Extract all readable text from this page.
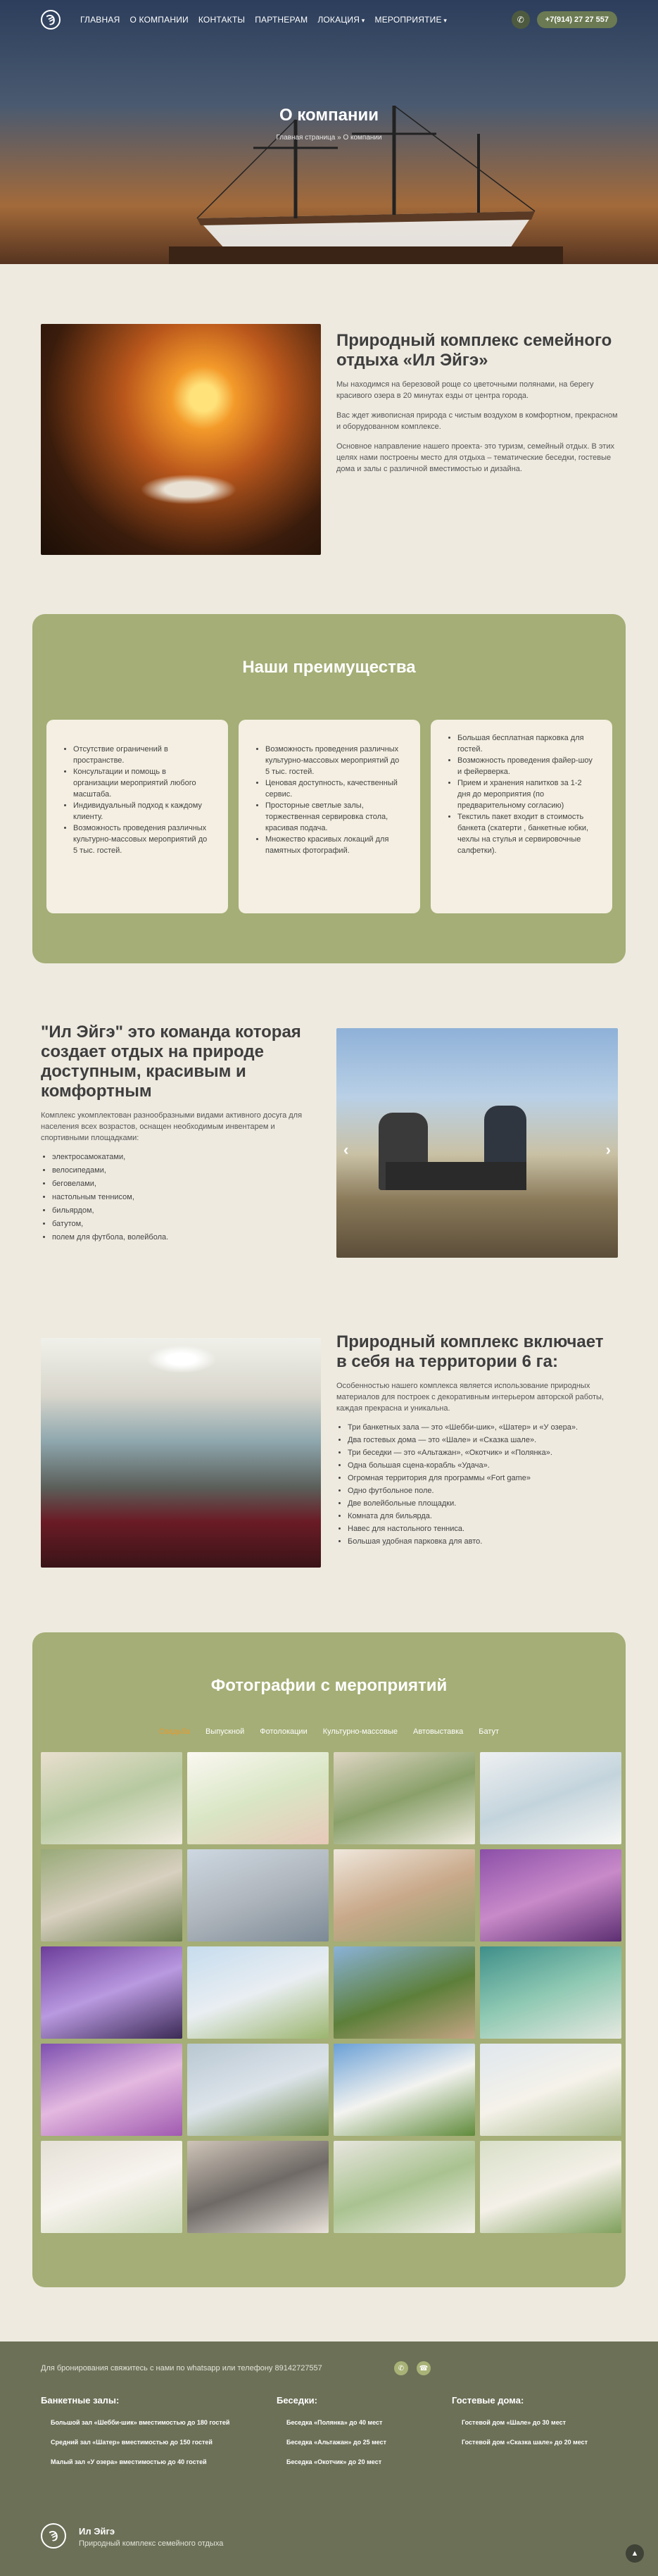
Ϡ	ГЛАВНАЯ О КОМПАНИИ КОНТАКТЫ ПАРТНЕРАМ ЛОКАЦИЯ ▾	МЕРОПРИЯТИЕ ▾	✆	+7(914) 27 27 557
О компании
Главная страница » О компании
Природный комплекс семейного отдыха «Ил Эйгэ»

Мы находимся на березовой роще со цветочными полянами, на берегу красивого озера в 20 минутах езды от центра города.

Вас ждет живописная природа с чистым воздухом в комфортном, прекрасном и оборудованном комплексе.

Основное направление нашего проекта- это туризм, семейный отдых. В этих целях нами построены место для отдыха – тематические беседки, гостевые дома и залы с различной вместимостью и дизайна.

Наши преимущества
• Отсутствие ограничений в пространстве.
• Консультации и помощь в организации мероприятий любого масштаба.
• Индивидуальный подход к каждому клиенту.
• Возможность проведения различных культурно-массовых мероприятий до 5 тыс. гостей.
• Возможность проведения различных культурно-массовых мероприятий до 5 тыс. гостей.
• Ценовая доступность, качественный сервис.
• Просторные светлые залы, торжественная сервировка стола, красивая подача.
• Множество красивых локаций для памятных фотографий.
• Большая бесплатная парковка для гостей.
• Возможность проведения файер-шоу и фейерверка.
• Прием и хранения напитков за 1-2 дня до мероприятия (по предварительному согласию)
• Текстиль пакет входит в стоимость банкета (скатерти , банкетные юбки, чехлы на стулья и сервировочные салфетки).
"Ил Эйгэ" это команда которая создает отдых на природе доступным, красивым и комфортным

Комплекс укомплектован разнообразными видами активного досуга для населения всех возрастов, оснащен необходимым инвентарем и спортивными площадками:

• электросамокатами,
• велосипедами,
• беговелами,
• настольным теннисом,
• бильярдом,
• батутом,
• полем для футбола, волейбола.
‹	›
Природный комплекс включает в себя на территории 6 га:

Особенностью нашего комплекса является использование природных материалов для построек с декоративным интерьером авторской работы, каждая прекрасна и уникальна.

• Три банкетных зала — это «Шебби-шик», «Шатер» и «У озера».
• Два гостевых дома — это «Шале» и «Сказка шале».
• Три беседки — это «Альтажан», «Окотчик» и «Полянка».
• Одна большая сцена-корабль «Удача».
• Огромная территория для программы «Fort game»
• Одно футбольное поле.
• Две волейбольные площадки.
• Комната для бильярда.
• Навес для настольного тенниса.
• Большая удобная парковка для авто.
Фотографии с мероприятий
Свадьба Выпускной Фотолокации Культурно-массовые Автовыставка Батут
Для бронирования свяжитесь с нами по whatsapp или телефону 89142727557	✆	☎
Банкетные залы:
Большой зал «Шебби-шик» вместимостью до 180 гостей
Средний зал «Шатер» вместимостью до 150 гостей
Малый зал «У озера» вместимостью до 40 гостей
Беседки:
Беседка «Полянка» до 40 мест
Беседка «Альтажан» до 25 мест
Беседка «Окотчик» до 20 мест
Гостевые дома:
Гостевой дом «Шале» до 30 мест
Гостевой дом «Сказка шале» до 20 мест
Ϡ	Ил Эйгэ
Природный комплекс семейного отдыха
▲
